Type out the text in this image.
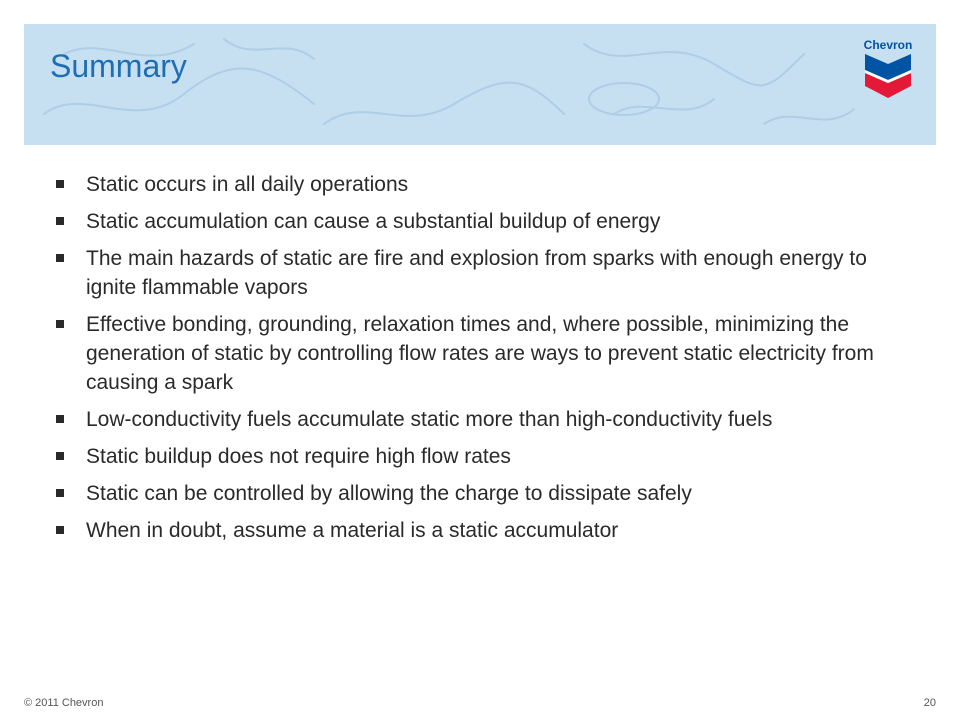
Summary
Chevron
Static occurs in all daily operations
Static accumulation can cause a substantial buildup of energy
The main hazards of static are fire and explosion from sparks with enough energy to ignite flammable vapors
Effective bonding, grounding, relaxation times and, where possible, minimizing the generation of static by controlling flow rates are ways to prevent static electricity from causing a spark
Low-conductivity fuels accumulate static more than high-conductivity fuels
Static buildup does not require high flow rates
Static can be controlled by allowing the charge to dissipate safely
When in doubt, assume a material is a static accumulator
© 2011 Chevron	20
